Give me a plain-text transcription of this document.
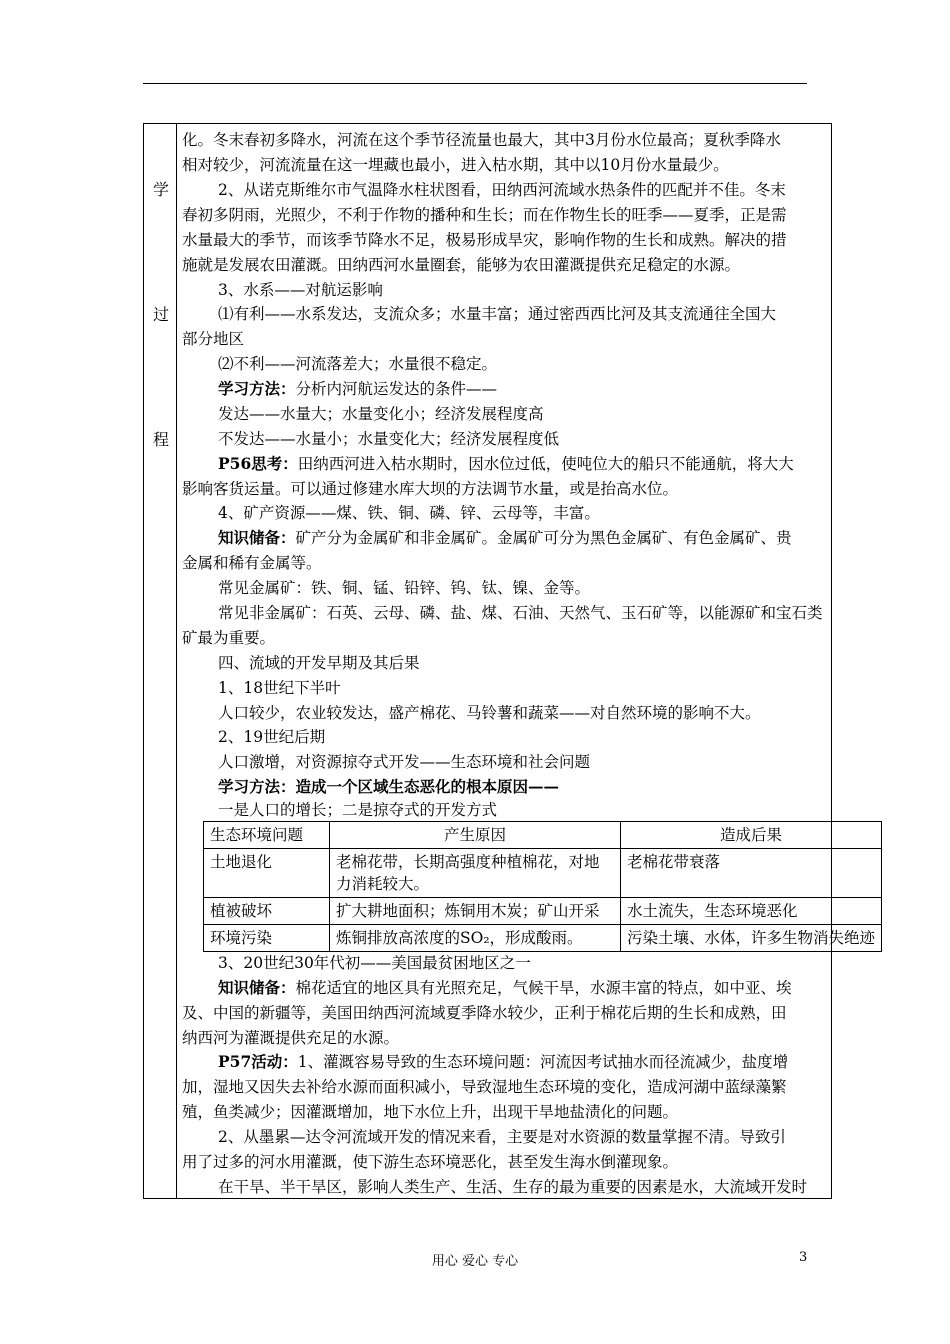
学
过
程
化。冬末春初多降水，河流在这个季节径流量也最大，其中3月份水位最高；夏秋季降水
相对较少，河流流量在这一埋藏也最小，进入枯水期，其中以10月份水量最少。
2、从诺克斯维尔市气温降水柱状图看，田纳西河流域水热条件的匹配并不佳。冬末
春初多阴雨，光照少，不利于作物的播种和生长；而在作物生长的旺季——夏季，正是需
水量最大的季节，而该季节降水不足，极易形成旱灾，影响作物的生长和成熟。解决的措
施就是发展农田灌溉。田纳西河水量圈套，能够为农田灌溉提供充足稳定的水源。
3、水系——对航运影响
⑴有利——水系发达，支流众多；水量丰富；通过密西西比河及其支流通往全国大
部分地区
⑵不利——河流落差大；水量很不稳定。
学习方法：分析内河航运发达的条件——
发达——水量大；水量变化小；经济发展程度高
不发达——水量小；水量变化大；经济发展程度低
P56思考：田纳西河进入枯水期时，因水位过低，使吨位大的船只不能通航，将大大
影响客货运量。可以通过修建水库大坝的方法调节水量，或是抬高水位。
4、矿产资源——煤、铁、铜、磷、锌、云母等，丰富。
知识储备：矿产分为金属矿和非金属矿。金属矿可分为黑色金属矿、有色金属矿、贵
金属和稀有金属等。
常见金属矿：铁、铜、锰、铅锌、钨、钛、镍、金等。
常见非金属矿：石英、云母、磷、盐、煤、石油、天然气、玉石矿等，以能源矿和宝石类
矿最为重要。
四、流域的开发早期及其后果
1、18世纪下半叶
人口较少，农业较发达，盛产棉花、马铃薯和蔬菜——对自然环境的影响不大。
2、19世纪后期
人口激增，对资源掠夺式开发——生态环境和社会问题
学习方法：造成一个区域生态恶化的根本原因——
一是人口的增长；二是掠夺式的开发方式
生态环境问题	产生原因	造成后果
土地退化	老棉花带，长期高强度种植棉花，对地力消耗较大。	老棉花带衰落
植被破坏	扩大耕地面积；炼铜用木炭；矿山开采	水土流失，生态环境恶化
环境污染	炼铜排放高浓度的SO₂，形成酸雨。	污染土壤、水体，许多生物消失绝迹
3、20世纪30年代初——美国最贫困地区之一
知识储备：棉花适宜的地区具有光照充足，气候干旱，水源丰富的特点，如中亚、埃
及、中国的新疆等，美国田纳西河流域夏季降水较少，正利于棉花后期的生长和成熟，田
纳西河为灌溉提供充足的水源。
P57活动：1、灌溉容易导致的生态环境问题：河流因考试抽水而径流减少，盐度增
加，湿地又因失去补给水源而面积减小，导致湿地生态环境的变化，造成河湖中蓝绿藻繁
殖，鱼类减少；因灌溉增加，地下水位上升，出现干旱地盐渍化的问题。
2、从墨累—达令河流域开发的情况来看，主要是对水资源的数量掌握不清。导致引
用了过多的河水用灌溉，使下游生态环境恶化，甚至发生海水倒灌现象。
在干旱、半干旱区，影响人类生产、生活、生存的最为重要的因素是水，大流域开发时
用心 爱心 专心	3
